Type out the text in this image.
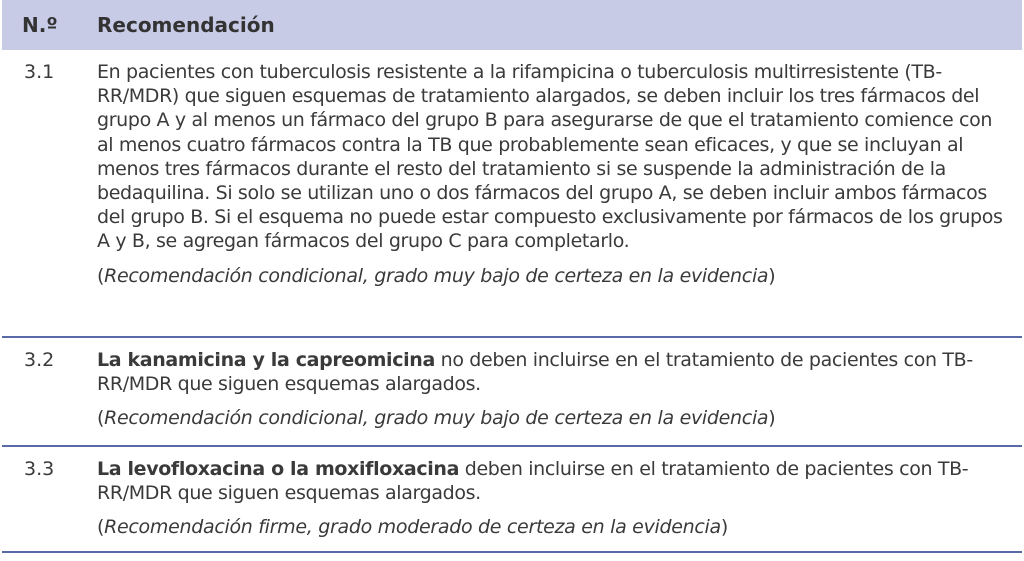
N.º	Recomendación
3.1	En pacientes con tuberculosis resistente a la rifampicina o tuberculosis multirresistente (TB-RR/MDR) que siguen esquemas de tratamiento alargados, se deben incluir los tres fármacos del grupo A y al menos un fármaco del grupo B para asegurarse de que el tratamiento comience con al menos cuatro fármacos contra la TB que probablemente sean eficaces, y que se incluyan al menos tres fármacos durante el resto del tratamiento si se suspende la administración de la bedaquilina. Si solo se utilizan uno o dos fármacos del grupo A, se deben incluir ambos fármacos del grupo B. Si el esquema no puede estar compuesto exclusivamente por fármacos de los grupos A y B, se agregan fármacos del grupo C para completarlo.

(Recomendación condicional, grado muy bajo de certeza en la evidencia)

3.2	La kanamicina y la capreomicina no deben incluirse en el tratamiento de pacientes con TB-RR/MDR que siguen esquemas alargados.

(Recomendación condicional, grado muy bajo de certeza en la evidencia)

3.3	La levofloxacina o la moxifloxacina deben incluirse en el tratamiento de pacientes con TB-RR/MDR que siguen esquemas alargados.

(Recomendación firme, grado moderado de certeza en la evidencia)
